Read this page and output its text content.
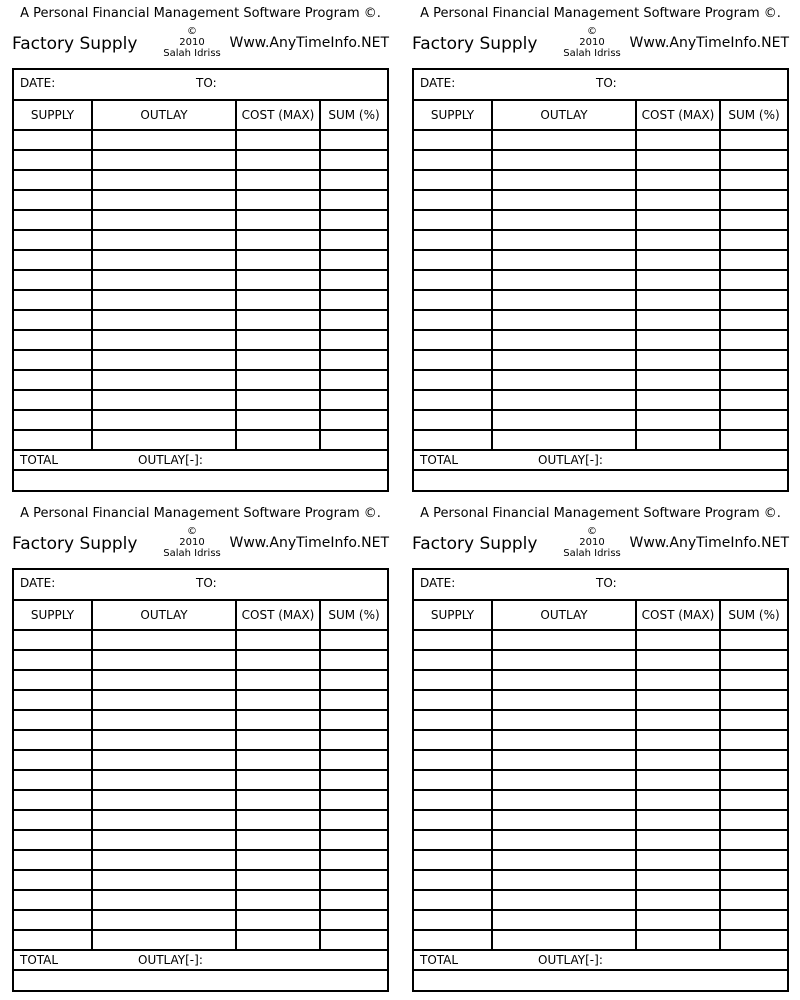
A Personal Financial Management Software Program ©.
Factory Supply
©
2010
Salah Idriss
Www.AnyTimeInfo.NET
DATE:	TO:
SUPPLY	OUTLAY	COST (MAX)	SUM (%)
TOTAL	OUTLAY[-]:
A Personal Financial Management Software Program ©.
Factory Supply
©
2010
Salah Idriss
Www.AnyTimeInfo.NET
DATE:	TO:
SUPPLY	OUTLAY	COST (MAX)	SUM (%)
TOTAL	OUTLAY[-]:
A Personal Financial Management Software Program ©.
Factory Supply
©
2010
Salah Idriss
Www.AnyTimeInfo.NET
DATE:	TO:
SUPPLY	OUTLAY	COST (MAX)	SUM (%)
TOTAL	OUTLAY[-]:
A Personal Financial Management Software Program ©.
Factory Supply
©
2010
Salah Idriss
Www.AnyTimeInfo.NET
DATE:	TO:
SUPPLY	OUTLAY	COST (MAX)	SUM (%)
TOTAL	OUTLAY[-]:
